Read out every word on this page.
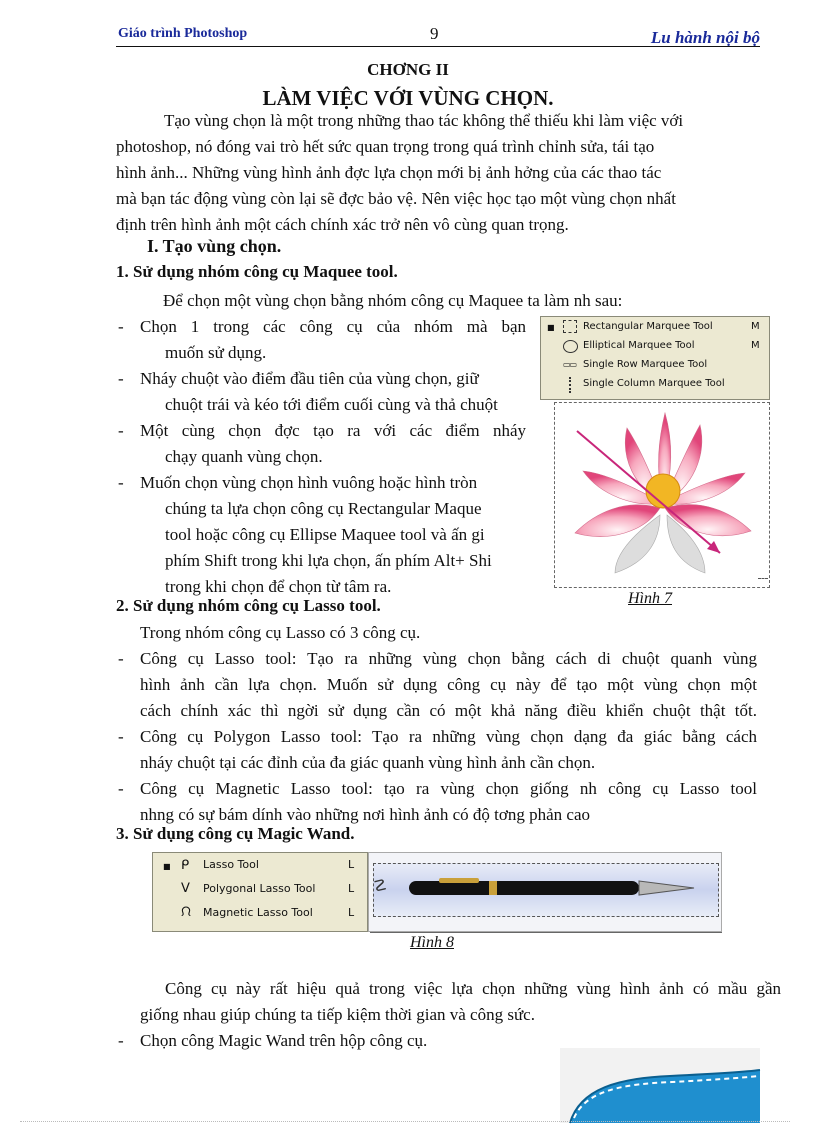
Giáo trình Photoshop	9	Lu hành nội bộ
CHƠNG II
LÀM VIỆC VỚI VÙNG CHỌN.
Tạo vùng chọn là một trong những thao tác không thể thiếu khi làm việc với
photoshop, nó đóng vai trò hết sức quan trọng trong quá trình chỉnh sửa, tái tạo
hình ảnh... Những vùng hình ảnh đợc lựa chọn mới bị ảnh hởng của các thao tác
mà bạn tác động vùng còn lại sẽ đợc bảo vệ. Nên việc học tạo một vùng chọn nhất
định trên hình ảnh một cách chính xác trở nên vô cùng quan trọng.
I. Tạo vùng chọn.
1. Sử dụng nhóm công cụ Maquee tool.
Để chọn một vùng chọn bằng nhóm công cụ Maquee ta làm nh sau:
- Chọn 1 trong các công cụ của nhóm mà bạn
muốn sử dụng.
- Nháy chuột vào điểm đầu tiên của vùng chọn, giữ
chuột trái và kéo tới điểm cuối cùng và thả chuột
- Một cùng chọn đợc tạo ra với các điểm nháy
chạy quanh vùng chọn.
- Muốn chọn vùng chọn hình vuông hoặc hình tròn
chúng ta lựa chọn công cụ Rectangular Maque
tool hoặc công cụ Ellipse Maquee tool và ấn gi
phím Shift trong khi lựa chọn, ấn phím Alt+ Shi
trong khi chọn để chọn từ tâm ra.
■	Rectangular Marquee Tool	M
Elliptical Marquee Tool	M
▭▭ Single Row Marquee Tool
Single Column Marquee Tool
Hình 7
2. Sử dụng nhóm công cụ Lasso tool.
Trong nhóm công cụ Lasso có 3 công cụ.
- Công cụ Lasso tool: Tạo ra những vùng chọn bằng cách di chuột quanh vùng
hình ảnh cần lựa chọn. Muốn sử dụng công cụ này để tạo một vùng chọn một
cách chính xác thì ngời sử dụng cần có một khả năng điều khiển chuột thật tốt.
- Công cụ Polygon Lasso tool: Tạo ra những vùng chọn dạng đa giác bằng cách
nháy chuột tại các đỉnh của đa giác quanh vùng hình ảnh cần chọn.
- Công cụ Magnetic Lasso tool: tạo ra vùng chọn giống nh công cụ Lasso tool
nhng có sự bám dính vào những nơi hình ảnh có độ tơng phản cao
3. Sử dụng công cụ Magic Wand.
■ ᑭ Lasso Tool	L
ᐯ Polygonal Lasso Tool	L
ᙁ Magnetic Lasso Tool	L
☡
Hình 8
Công cụ này rất hiệu quả trong việc lựa chọn những vùng hình ảnh có mầu gần
giống nhau giúp chúng ta tiếp kiệm thời gian và công sức.
- Chọn công Magic Wand trên hộp công cụ.
